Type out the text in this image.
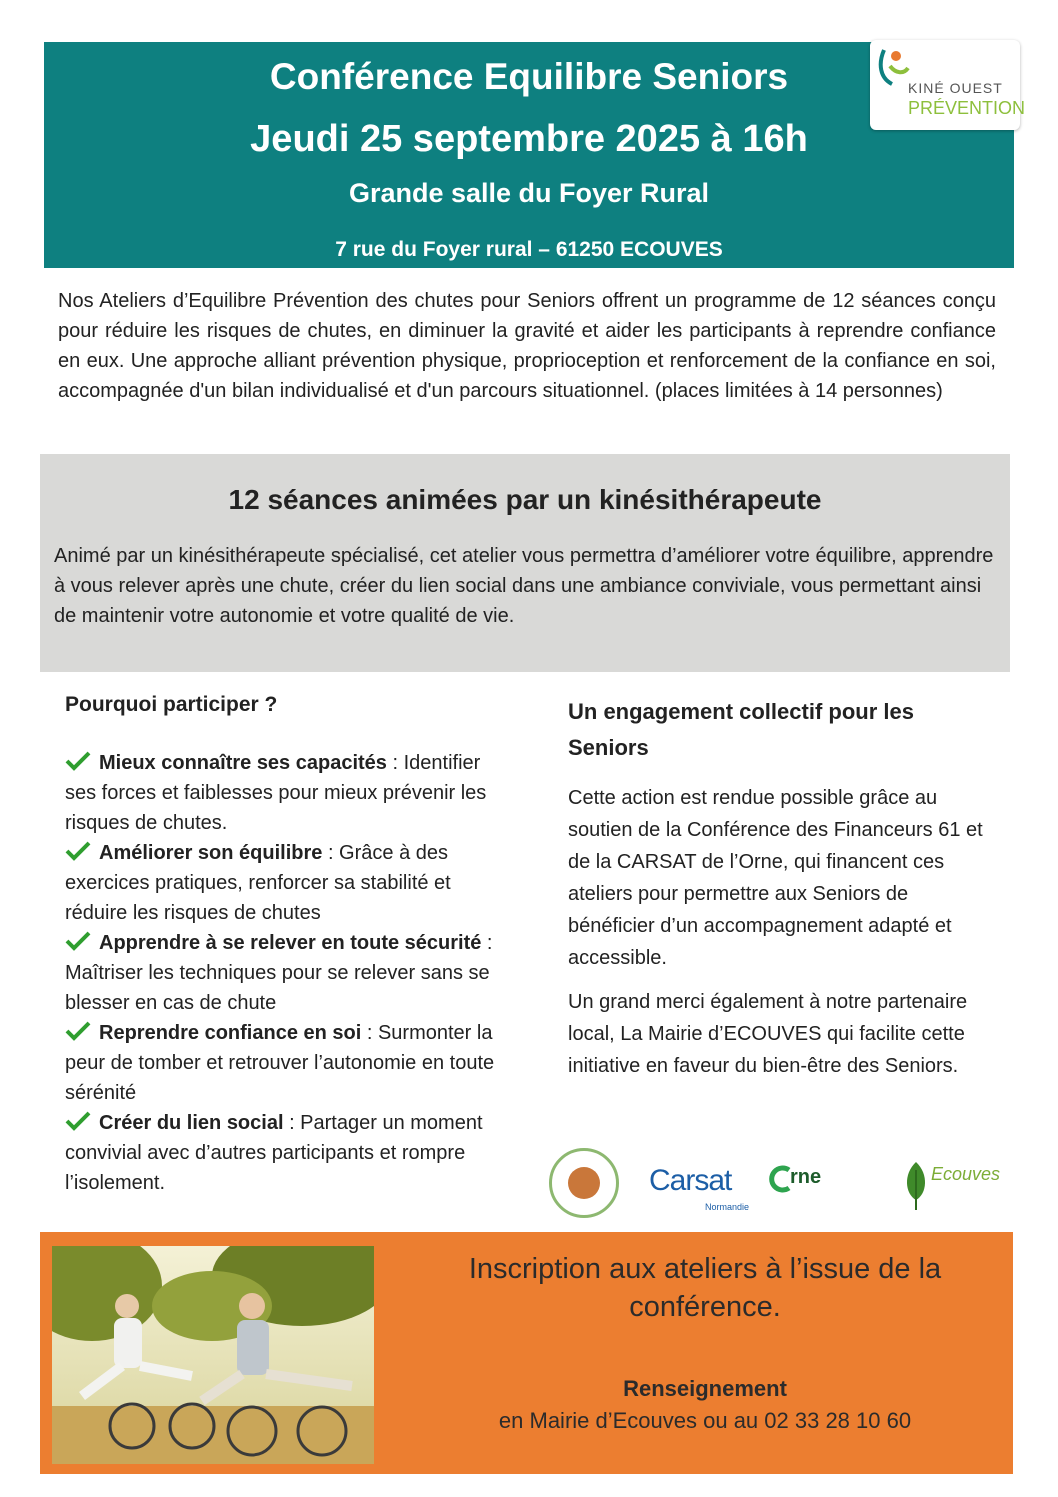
Conférence Equilibre Seniors
Jeudi 25 septembre 2025 à 16h
Grande salle du Foyer Rural
7 rue du Foyer rural – 61250 ECOUVES
KINÉ OUEST
PRÉVENTION
Nos Ateliers d’Equilibre Prévention des chutes pour Seniors offrent un programme de 12 séances conçu pour réduire les risques de chutes, en diminuer la gravité et aider les participants à reprendre confiance en eux. Une approche alliant prévention physique, proprioception et renforcement de la confiance en soi, accompagnée d'un bilan individualisé et d'un parcours situationnel. (places limitées à 14 personnes)
12 séances animées par un kinésithérapeute

Animé par un kinésithérapeute spécialisé, cet atelier vous permettra d’améliorer votre équilibre, apprendre à vous relever après une chute, créer du lien social dans une ambiance conviviale, vous permettant ainsi de maintenir votre autonomie et votre qualité de vie.

Pourquoi participer ?

Mieux connaître ses capacités : Identifier ses forces et faiblesses pour mieux prévenir les risques de chutes.

Améliorer son équilibre : Grâce à des exercices pratiques, renforcer sa stabilité et réduire les risques de chutes

Apprendre à se relever en toute sécurité : Maîtriser les techniques pour se relever sans se blesser en cas de chute

Reprendre confiance en soi : Surmonter la peur de tomber et retrouver l’autonomie en toute sérénité

Créer du lien social : Partager un moment convivial avec d’autres participants et rompre l’isolement.

Un engagement collectif pour les Seniors

Cette action est rendue possible grâce au soutien de la Conférence des Financeurs 61 et de la CARSAT de l’Orne, qui financent ces ateliers pour permettre aux Seniors de bénéficier d’un accompagnement adapté et accessible.

Un grand merci également à notre partenaire local, La Mairie d’ECOUVES qui facilite cette initiative en faveur du bien-être des Seniors.

Carsat
Normandie
rne	Ecouves
Inscription aux ateliers à l’issue de la conférence.
Renseignement
en Mairie d’Ecouves ou au 02 33 28 10 60
